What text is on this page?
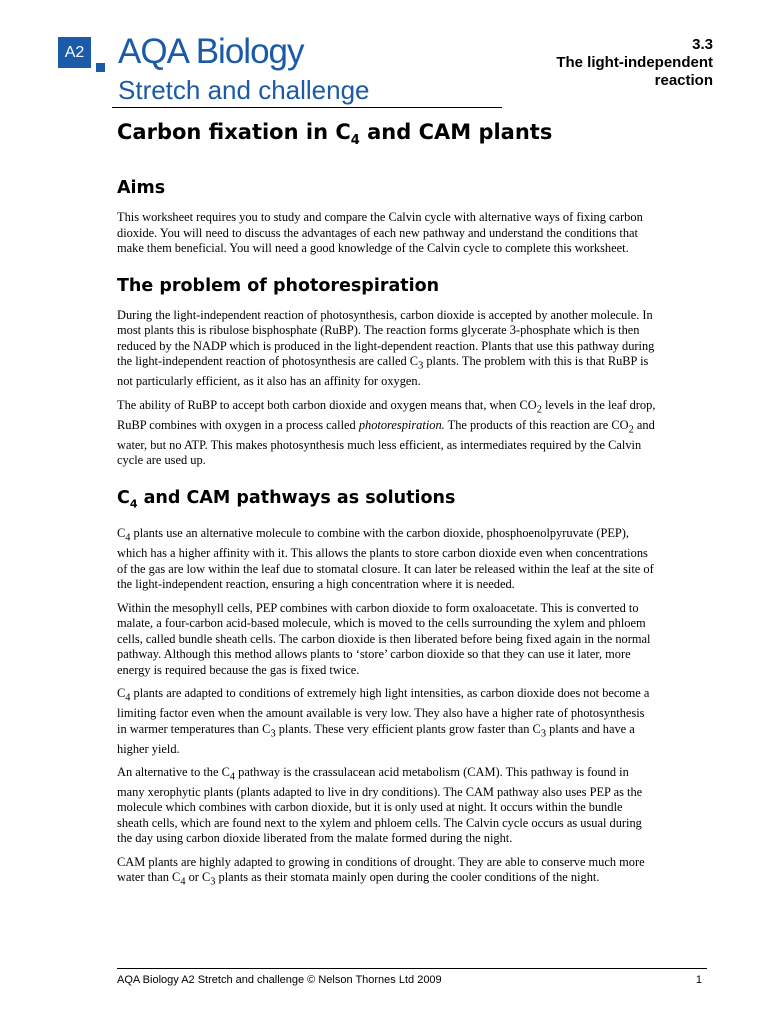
A2 AQA Biology
Stretch and challenge
3.3
The light-independent reaction
Carbon fixation in $C_4$ and CAM plants
Aims

This worksheet requires you to study and compare the Calvin cycle with alternative ways of fixing carbon dioxide. You will need to discuss the advantages of each new pathway and understand the conditions that make them beneficial. You will need a good knowledge of the Calvin cycle to complete this worksheet.

The problem of photorespiration

During the light-independent reaction of photosynthesis, carbon dioxide is accepted by another molecule. In most plants this is ribulose bisphosphate (RuBP). The reaction forms glycerate 3-phosphate which is then reduced by the NADP which is produced in the light-dependent reaction. Plants that use this pathway during the light-independent reaction of photosynthesis are called $C_3$ plants. The problem with this is that RuBP is not particularly efficient, as it also has an affinity for oxygen.

The ability of RuBP to accept both carbon dioxide and oxygen means that, when $CO_2$ levels in the leaf drop, RuBP combines with oxygen in a process called photorespiration. The products of this reaction are $CO_2$ and water, but no ATP. This makes photosynthesis much less efficient, as intermediates required by the Calvin cycle are used up.

$C_4$ and CAM pathways as solutions

$C_4$ plants use an alternative molecule to combine with the carbon dioxide, phosphoenolpyruvate (PEP), which has a higher affinity with it. This allows the plants to store carbon dioxide even when concentrations of the gas are low within the leaf due to stomatal closure. It can later be released within the leaf at the site of the light-independent reaction, ensuring a high concentration where it is needed.

Within the mesophyll cells, PEP combines with carbon dioxide to form oxaloacetate. This is converted to malate, a four-carbon acid-based molecule, which is moved to the cells surrounding the xylem and phloem cells, called bundle sheath cells. The carbon dioxide is then liberated before being fixed again in the normal pathway. Although this method allows plants to ‘store’ carbon dioxide so that they can use it later, more energy is required because the gas is fixed twice.

$C_4$ plants are adapted to conditions of extremely high light intensities, as carbon dioxide does not become a limiting factor even when the amount available is very low. They also have a higher rate of photosynthesis in warmer temperatures than $C_3$ plants. These very efficient plants grow faster than $C_3$ plants and have a higher yield.

An alternative to the $C_4$ pathway is the crassulacean acid metabolism (CAM). This pathway is found in many xerophytic plants (plants adapted to live in dry conditions). The CAM pathway also uses PEP as the molecule which combines with carbon dioxide, but it is only used at night. It occurs within the bundle sheath cells, which are found next to the xylem and phloem cells. The Calvin cycle occurs as usual during the day using carbon dioxide liberated from the malate formed during the night.

CAM plants are highly adapted to growing in conditions of drought. They are able to conserve much more water than $C_4$ or $C_3$ plants as their stomata mainly open during the cooler conditions of the night.

AQA Biology A2 Stretch and challenge © Nelson Thornes Ltd 2009	1
